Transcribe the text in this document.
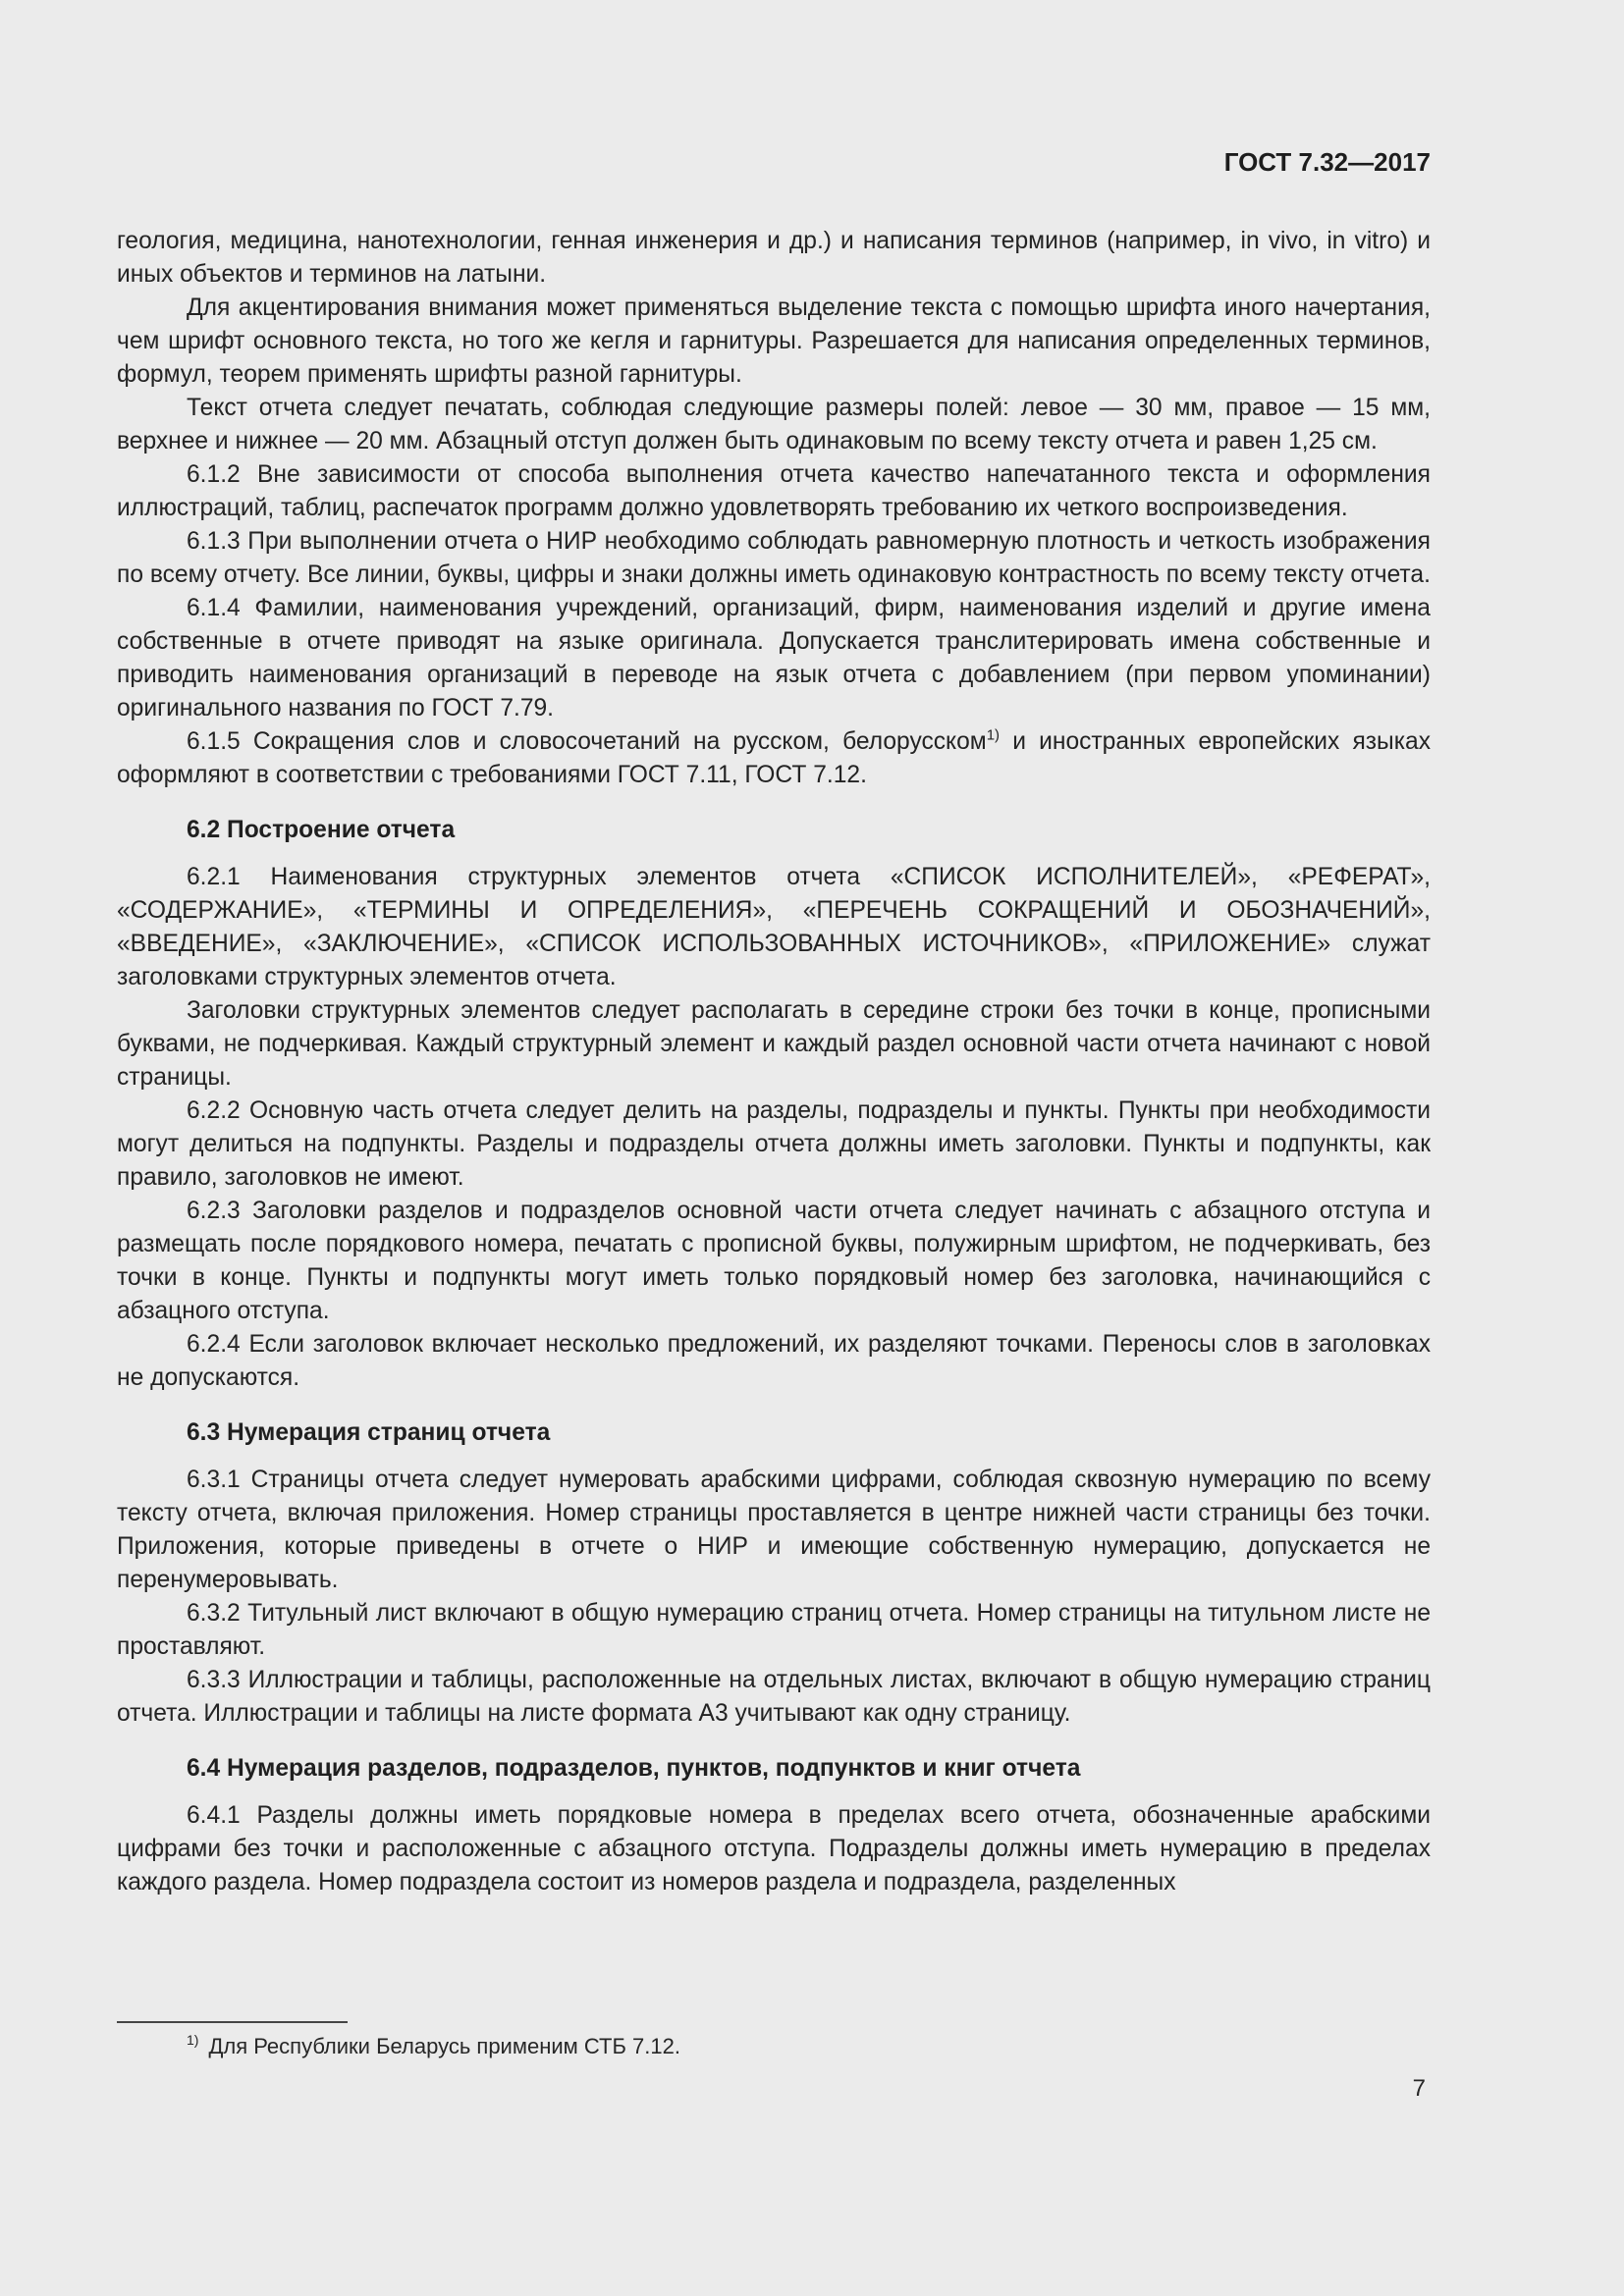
ГОСТ 7.32—2017

геология, медицина, нанотехнологии, генная инженерия и др.) и написания терминов (например, in vivo, in vitro) и иных объектов и терминов на латыни.

Для акцентирования внимания может применяться выделение текста с помощью шрифта иного начертания, чем шрифт основного текста, но того же кегля и гарнитуры. Разрешается для написания определенных терминов, формул, теорем применять шрифты разной гарнитуры.

Текст отчета следует печатать, соблюдая следующие размеры полей: левое — 30 мм, правое — 15 мм, верхнее и нижнее — 20 мм. Абзацный отступ должен быть одинаковым по всему тексту отчета и равен 1,25 см.

6.1.2 Вне зависимости от способа выполнения отчета качество напечатанного текста и оформления иллюстраций, таблиц, распечаток программ должно удовлетворять требованию их четкого воспроизведения.

6.1.3 При выполнении отчета о НИР необходимо соблюдать равномерную плотность и четкость изображения по всему отчету. Все линии, буквы, цифры и знаки должны иметь одинаковую контрастность по всему тексту отчета.

6.1.4 Фамилии, наименования учреждений, организаций, фирм, наименования изделий и другие имена собственные в отчете приводят на языке оригинала. Допускается транслитерировать имена собственные и приводить наименования организаций в переводе на язык отчета с добавлением (при первом упоминании) оригинального названия по ГОСТ 7.79.

6.1.5 Сокращения слов и словосочетаний на русском, белорусском$^{1)}$ и иностранных европейских языках оформляют в соответствии с требованиями ГОСТ 7.11, ГОСТ 7.12.

6.2 Построение отчета

6.2.1 Наименования структурных элементов отчета «СПИСОК ИСПОЛНИТЕЛЕЙ», «РЕФЕРАТ», «СОДЕРЖАНИЕ», «ТЕРМИНЫ И ОПРЕДЕЛЕНИЯ», «ПЕРЕЧЕНЬ СОКРАЩЕНИЙ И ОБОЗНАЧЕНИЙ», «ВВЕДЕНИЕ», «ЗАКЛЮЧЕНИЕ», «СПИСОК ИСПОЛЬЗОВАННЫХ ИСТОЧНИКОВ», «ПРИЛОЖЕНИЕ» служат заголовками структурных элементов отчета.

Заголовки структурных элементов следует располагать в середине строки без точки в конце, прописными буквами, не подчеркивая. Каждый структурный элемент и каждый раздел основной части отчета начинают с новой страницы.

6.2.2 Основную часть отчета следует делить на разделы, подразделы и пункты. Пункты при необходимости могут делиться на подпункты. Разделы и подразделы отчета должны иметь заголовки. Пункты и подпункты, как правило, заголовков не имеют.

6.2.3 Заголовки разделов и подразделов основной части отчета следует начинать с абзацного отступа и размещать после порядкового номера, печатать с прописной буквы, полужирным шрифтом, не подчеркивать, без точки в конце. Пункты и подпункты могут иметь только порядковый номер без заголовка, начинающийся с абзацного отступа.

6.2.4 Если заголовок включает несколько предложений, их разделяют точками. Переносы слов в заголовках не допускаются.

6.3 Нумерация страниц отчета

6.3.1 Страницы отчета следует нумеровать арабскими цифрами, соблюдая сквозную нумерацию по всему тексту отчета, включая приложения. Номер страницы проставляется в центре нижней части страницы без точки. Приложения, которые приведены в отчете о НИР и имеющие собственную нумерацию, допускается не перенумеровывать.

6.3.2 Титульный лист включают в общую нумерацию страниц отчета. Номер страницы на титульном листе не проставляют.

6.3.3 Иллюстрации и таблицы, расположенные на отдельных листах, включают в общую нумерацию страниц отчета. Иллюстрации и таблицы на листе формата А3 учитывают как одну страницу.

6.4 Нумерация разделов, подразделов, пунктов, подпунктов и книг отчета

6.4.1 Разделы должны иметь порядковые номера в пределах всего отчета, обозначенные арабскими цифрами без точки и расположенные с абзацного отступа. Подразделы должны иметь нумерацию в пределах каждого раздела. Номер подраздела состоит из номеров раздела и подраздела, разделенных

$^{1)}$ Для Республики Беларусь применим СТБ 7.12.
7
